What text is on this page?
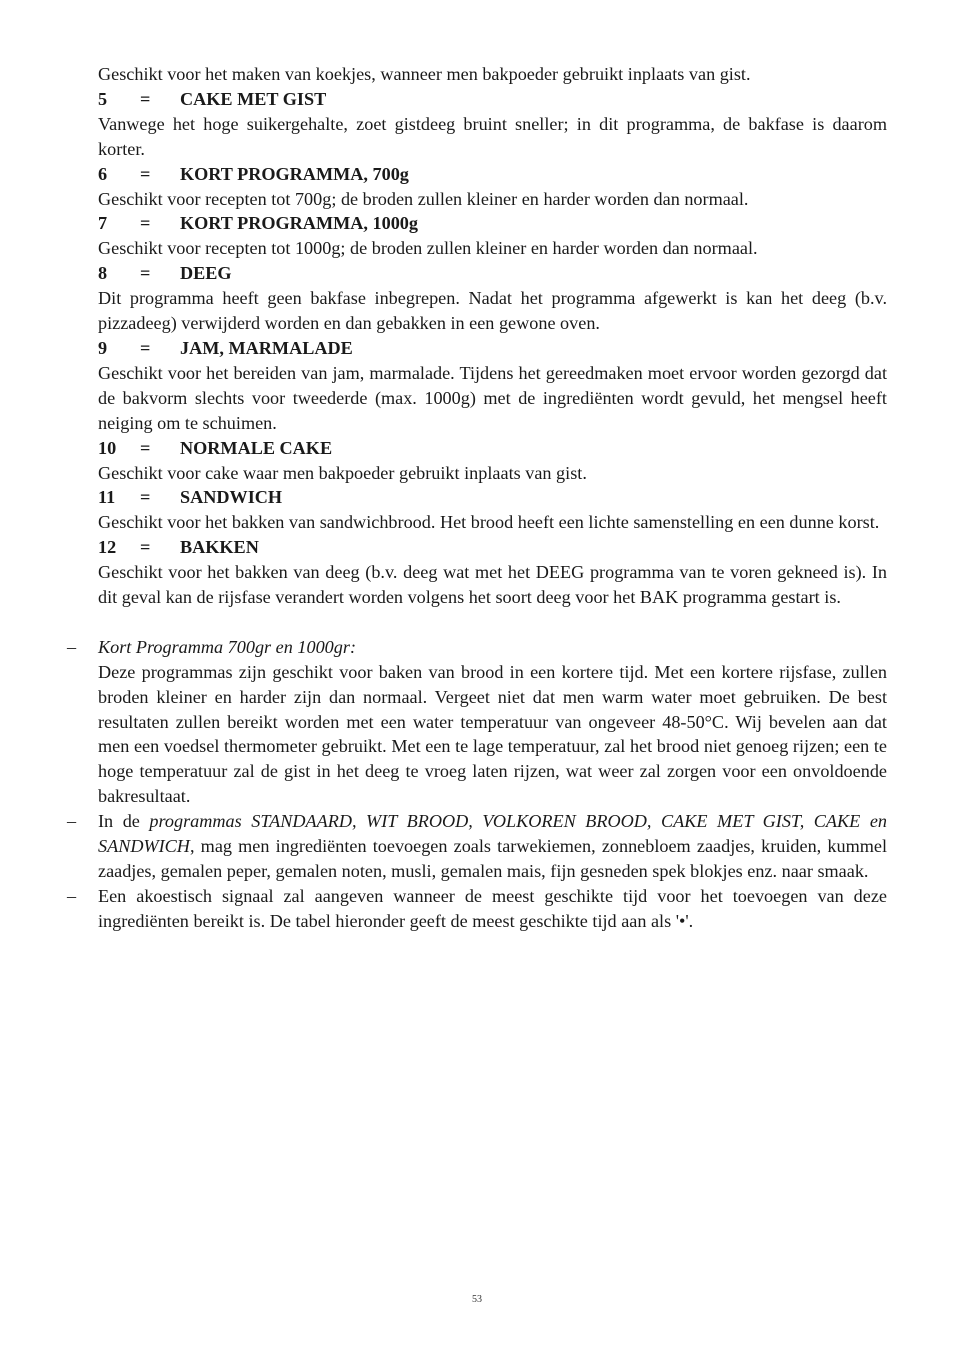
Geschikt voor het maken van koekjes, wanneer men bakpoeder gebruikt inplaats van gist.

5	=	CAKE MET GIST

Vanwege het hoge suikergehalte, zoet gistdeeg bruint sneller; in dit programma, de bakfase is daarom korter.

6	=	KORT PROGRAMMA, 700g

Geschikt voor recepten tot 700g; de broden zullen kleiner en harder worden dan normaal.

7	=	KORT PROGRAMMA, 1000g

Geschikt voor recepten tot 1000g; de broden zullen kleiner en harder worden dan normaal.

8	=	DEEG

Dit programma heeft geen bakfase inbegrepen. Nadat het programma afgewerkt is kan het deeg (b.v. pizzadeeg) verwijderd worden en dan gebakken in een gewone oven.

9	=	JAM, MARMALADE

Geschikt voor het bereiden van jam, marmalade. Tijdens het gereedmaken moet ervoor worden gezorgd dat de bakvorm slechts voor tweederde (max. 1000g) met de ingrediënten wordt gevuld, het mengsel heeft neiging om te schuimen.

10	=	NORMALE CAKE

Geschikt voor cake waar men bakpoeder gebruikt inplaats van gist.

11	=	SANDWICH

Geschikt voor het bakken van sandwichbrood. Het brood heeft een lichte samenstelling en een dunne korst.

12	=	BAKKEN

Geschikt voor het bakken van deeg (b.v. deeg wat met het DEEG programma van te voren gekneed is). In dit geval kan de rijsfase verandert worden volgens het soort deeg voor het BAK programma gestart is.

– Kort Programma 700gr en 1000gr:

Deze programmas zijn geschikt voor baken van brood in een kortere tijd. Met een kortere rijsfase, zullen broden kleiner en harder zijn dan normaal. Vergeet niet dat men warm water moet gebruiken. De best resultaten zullen bereikt worden met een water temperatuur van ongeveer 48-50°C. Wij bevelen aan dat men een voedsel thermometer gebruikt. Met een te lage temperatuur, zal het brood niet genoeg rijzen; een te hoge temperatuur zal de gist in het deeg te vroeg laten rijzen, wat weer zal zorgen voor een onvoldoende bakresultaat.

– In de programmas STANDAARD, WIT BROOD, VOLKOREN BROOD, CAKE MET GIST, CAKE en SANDWICH, mag men ingrediënten toevoegen zoals tarwekiemen, zonnebloem zaadjes, kruiden, kummel zaadjes, gemalen peper, gemalen noten, musli, gemalen mais, fijn gesneden spek blokjes enz. naar smaak.

– Een akoestisch signaal zal aangeven wanneer de meest geschikte tijd voor het toevoegen van deze ingrediënten bereikt is. De tabel hieronder geeft de meest geschikte tijd aan als '•'.

53
